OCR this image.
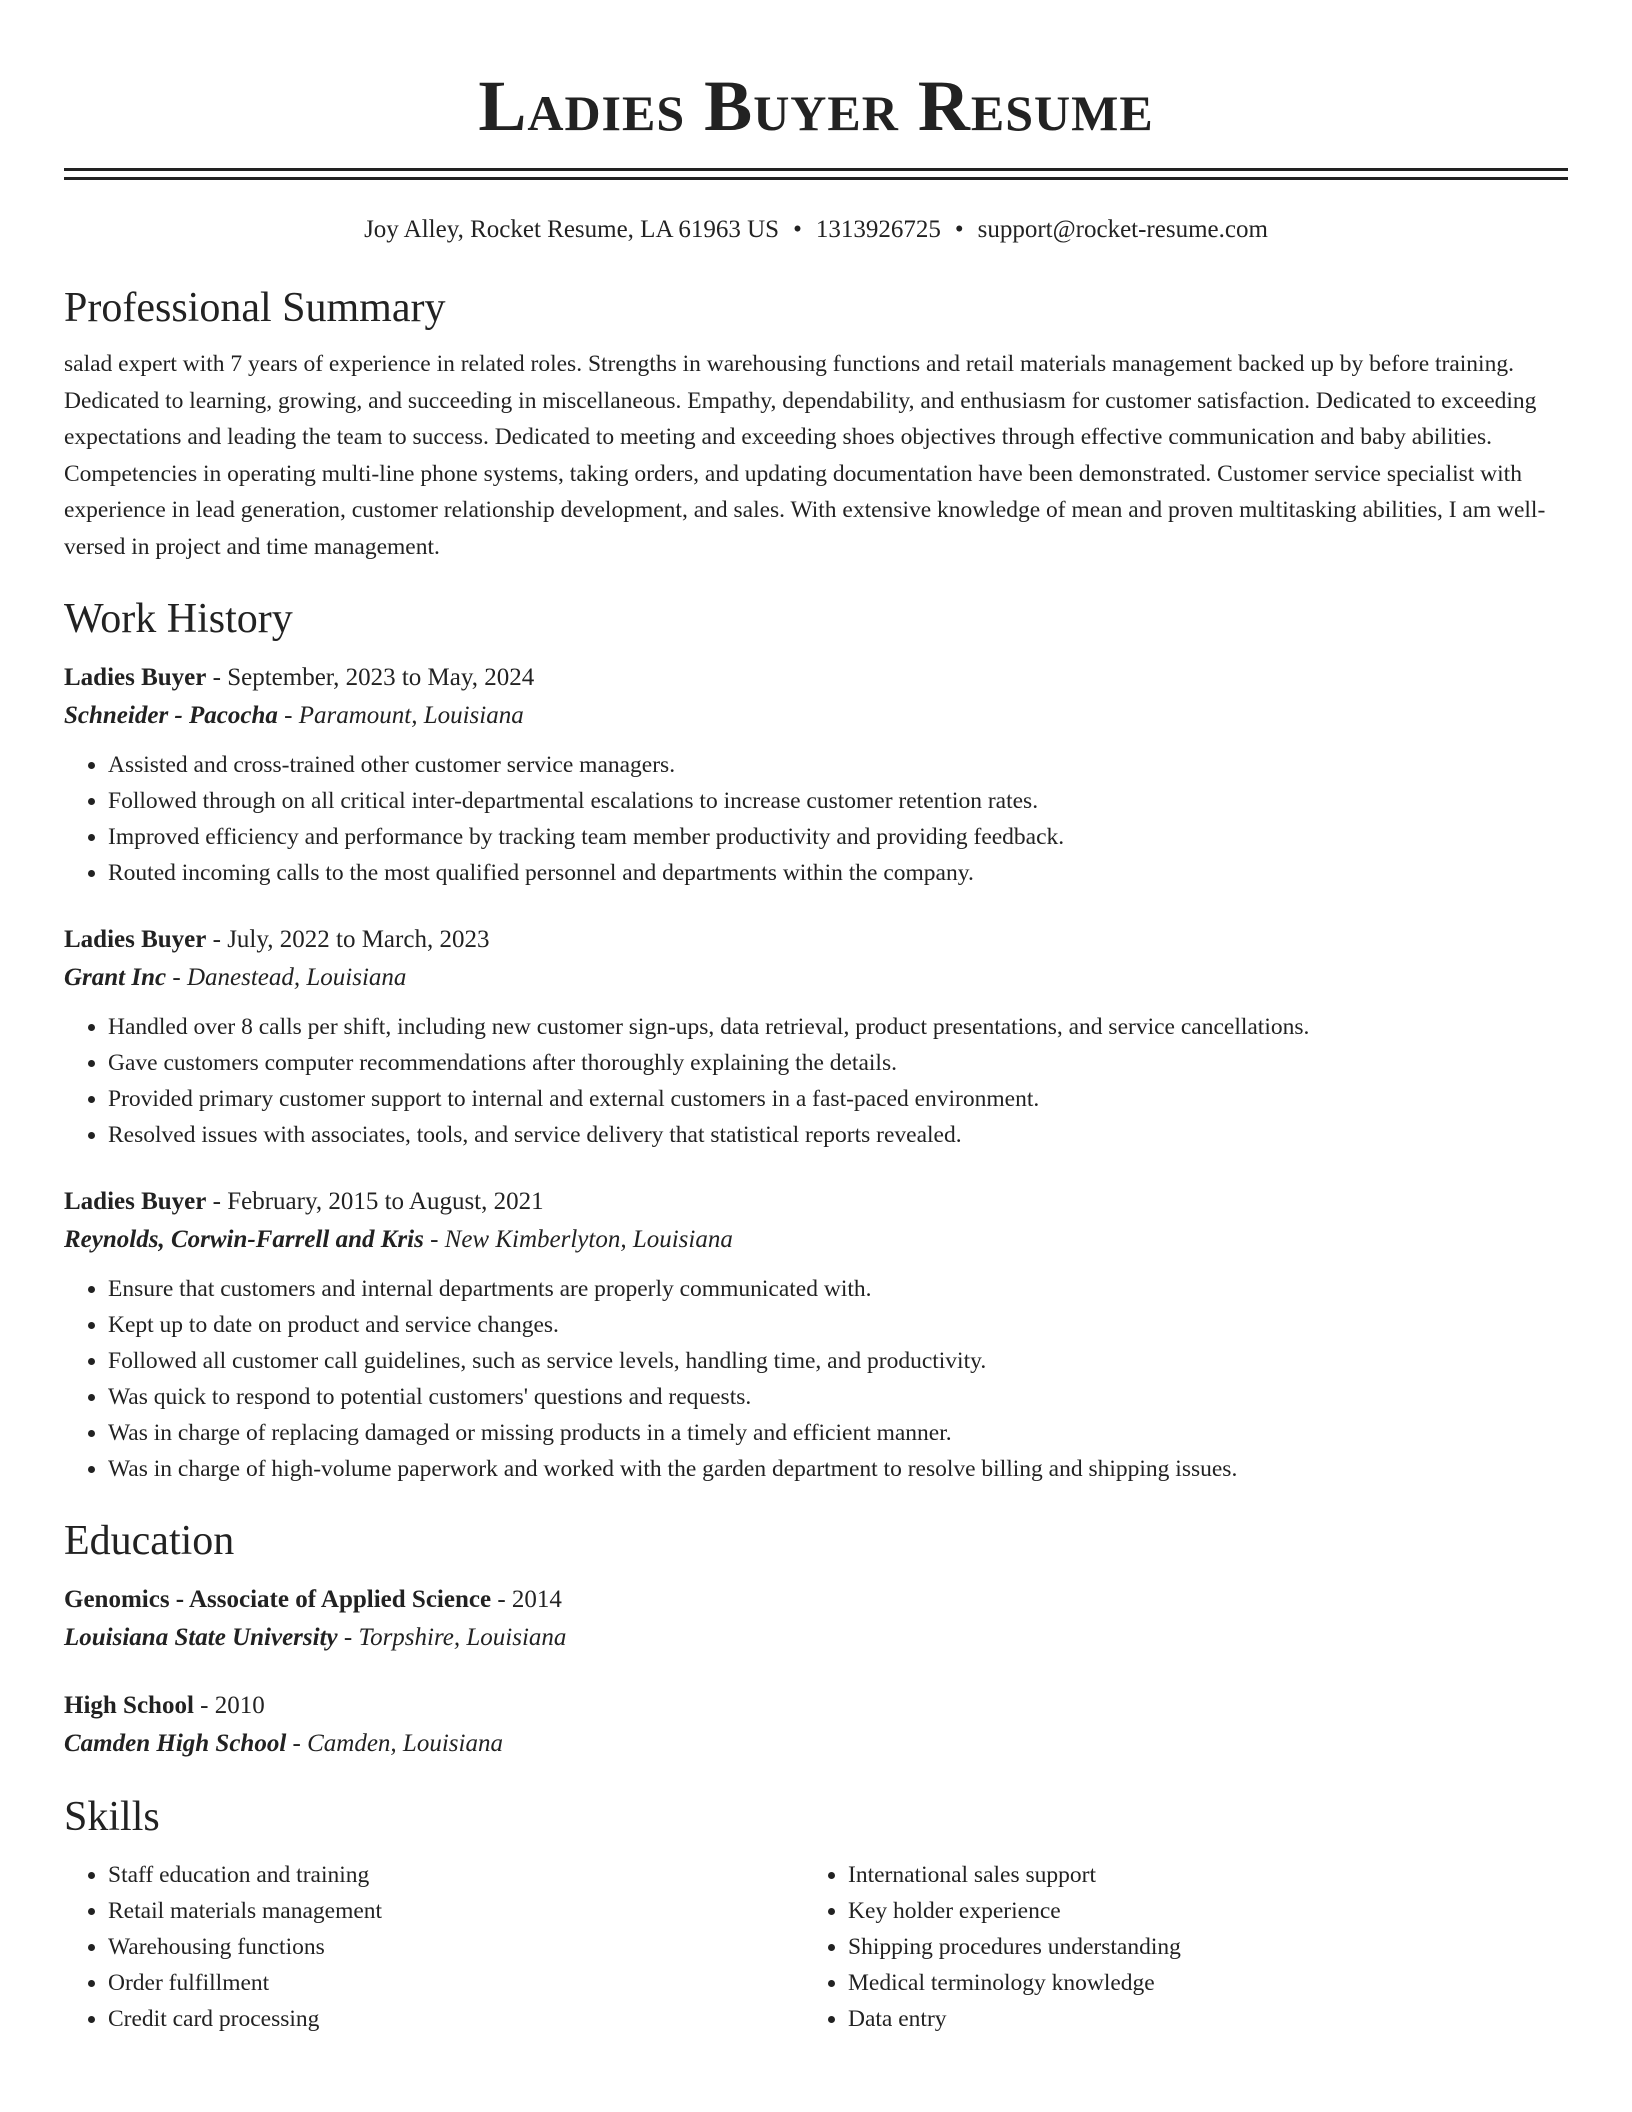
Ladies Buyer Resume
Joy Alley, Rocket Resume, LA 61963 US • 1313926725 • support@rocket-resume.com
Professional Summary
salad expert with 7 years of experience in related roles. Strengths in warehousing functions and retail materials management backed up by before training. Dedicated to learning, growing, and succeeding in miscellaneous. Empathy, dependability, and enthusiasm for customer satisfaction. Dedicated to exceeding expectations and leading the team to success. Dedicated to meeting and exceeding shoes objectives through effective communication and baby abilities. Competencies in operating multi-line phone systems, taking orders, and updating documentation have been demonstrated. Customer service specialist with experience in lead generation, customer relationship development, and sales. With extensive knowledge of mean and proven multitasking abilities, I am well-versed in project and time management.
Work History
Ladies Buyer - September, 2023 to May, 2024
Schneider - Pacocha - Paramount, Louisiana
• Assisted and cross-trained other customer service managers.
• Followed through on all critical inter-departmental escalations to increase customer retention rates.
• Improved efficiency and performance by tracking team member productivity and providing feedback.
• Routed incoming calls to the most qualified personnel and departments within the company.
Ladies Buyer - July, 2022 to March, 2023
Grant Inc - Danestead, Louisiana
• Handled over 8 calls per shift, including new customer sign-ups, data retrieval, product presentations, and service cancellations.
• Gave customers computer recommendations after thoroughly explaining the details.
• Provided primary customer support to internal and external customers in a fast-paced environment.
• Resolved issues with associates, tools, and service delivery that statistical reports revealed.
Ladies Buyer - February, 2015 to August, 2021
Reynolds, Corwin-Farrell and Kris - New Kimberlyton, Louisiana
• Ensure that customers and internal departments are properly communicated with.
• Kept up to date on product and service changes.
• Followed all customer call guidelines, such as service levels, handling time, and productivity.
• Was quick to respond to potential customers' questions and requests.
• Was in charge of replacing damaged or missing products in a timely and efficient manner.
• Was in charge of high-volume paperwork and worked with the garden department to resolve billing and shipping issues.
Education
Genomics - Associate of Applied Science - 2014
Louisiana State University - Torpshire, Louisiana
High School - 2010
Camden High School - Camden, Louisiana
Skills
• Staff education and training
• Retail materials management
• Warehousing functions
• Order fulfillment
• Credit card processing
• International sales support
• Key holder experience
• Shipping procedures understanding
• Medical terminology knowledge
• Data entry
